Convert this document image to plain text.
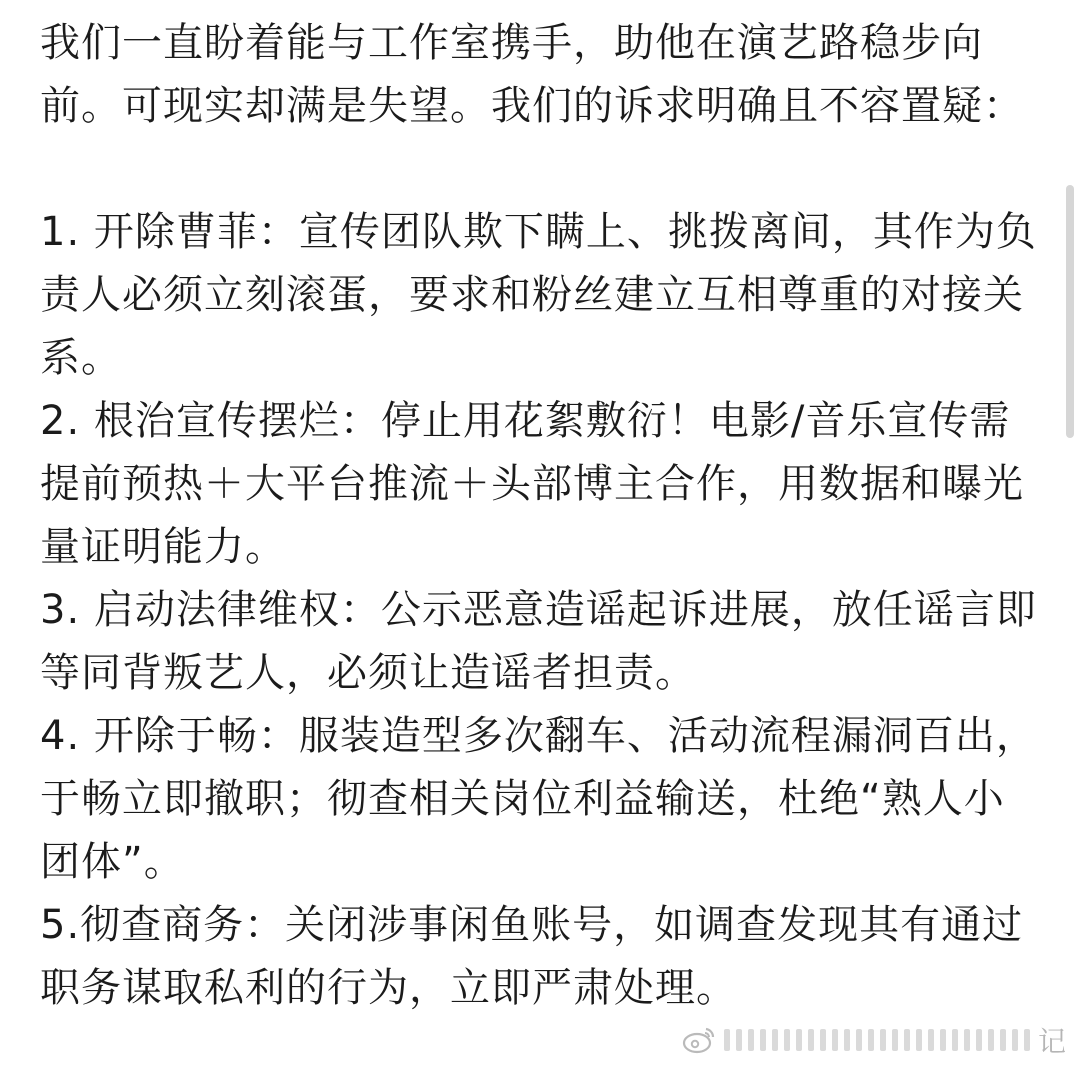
我们一直盼着能与工作室携手，助他在演艺路稳步向前。可现实却满是失望。我们的诉求明确且不容置疑：

1. 开除曹菲：宣传团队欺下瞒上、挑拨离间，其作为负责人必须立刻滚蛋，要求和粉丝建立互相尊重的对接关系。

2. 根治宣传摆烂：停止用花絮敷衍！电影/音乐宣传需提前预热＋大平台推流＋头部博主合作，用数据和曝光量证明能力。

3. 启动法律维权：公示恶意造谣起诉进展，放任谣言即等同背叛艺人，必须让造谣者担责。

4. 开除于畅：服装造型多次翻车、活动流程漏洞百出，于畅立即撤职；彻查相关岗位利益输送，杜绝“熟人小团体”。

5.彻查商务：关闭涉事闲鱼账号，如调查发现其有通过职务谋取私利的行为，立即严肃处理。

记
